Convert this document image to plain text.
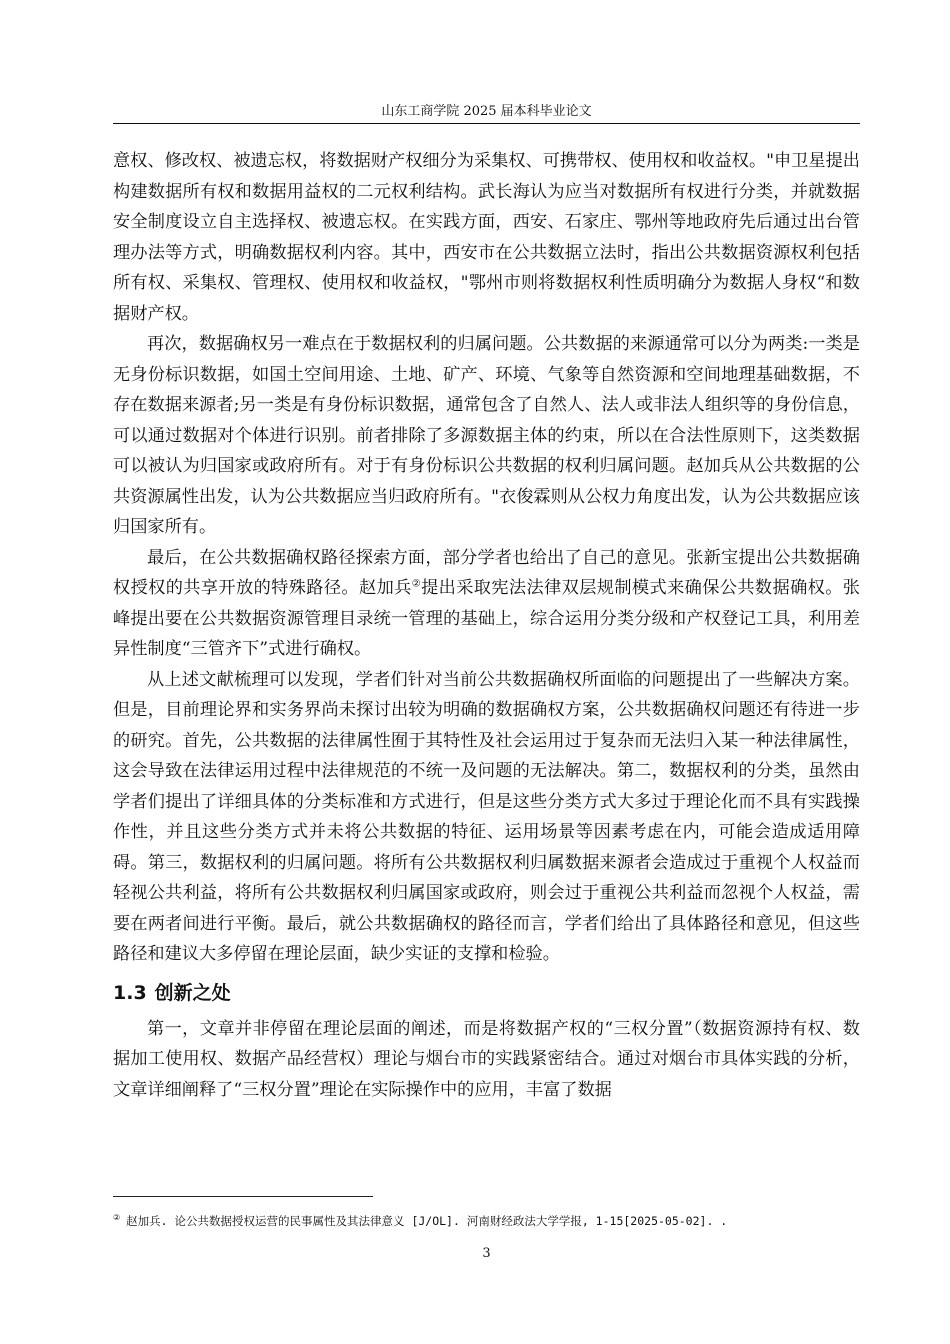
山东工商学院 2025 届本科毕业论文

意权、修改权、被遗忘权，将数据财产权细分为采集权、可携带权、使用权和收益权。"申卫星提出构建数据所有权和数据用益权的二元权利结构。武长海认为应当对数据所有权进行分类，并就数据安全制度设立自主选择权、被遗忘权。在实践方面，西安、石家庄、鄂州等地政府先后通过出台管理办法等方式，明确数据权利内容。其中，西安市在公共数据立法时，指出公共数据资源权利包括所有权、采集权、管理权、使用权和收益权，"鄂州市则将数据权利性质明确分为数据人身权“和数据财产权。

再次，数据确权另一难点在于数据权利的归属问题。公共数据的来源通常可以分为两类:一类是无身份标识数据，如国土空间用途、土地、矿产、环境、气象等自然资源和空间地理基础数据，不存在数据来源者;另一类是有身份标识数据，通常包含了自然人、法人或非法人组织等的身份信息，可以通过数据对个体进行识别。前者排除了多源数据主体的约束，所以在合法性原则下，这类数据可以被认为归国家或政府所有。对于有身份标识公共数据的权利归属问题。赵加兵从公共数据的公共资源属性出发，认为公共数据应当归政府所有。"衣俊霖则从公权力角度出发，认为公共数据应该归国家所有。

最后，在公共数据确权路径探索方面，部分学者也给出了自己的意见。张新宝提出公共数据确权授权的共享开放的特殊路径。赵加兵②提出采取宪法法律双层规制模式来确保公共数据确权。张峰提出要在公共数据资源管理目录统一管理的基础上，综合运用分类分级和产权登记工具，利用差异性制度“三管齐下”式进行确权。

从上述文献梳理可以发现，学者们针对当前公共数据确权所面临的问题提出了一些解决方案。但是，目前理论界和实务界尚未探讨出较为明确的数据确权方案，公共数据确权问题还有待进一步的研究。首先，公共数据的法律属性囿于其特性及社会运用过于复杂而无法归入某一种法律属性，这会导致在法律运用过程中法律规范的不统一及问题的无法解决。第二，数据权利的分类，虽然由学者们提出了详细具体的分类标准和方式进行，但是这些分类方式大多过于理论化而不具有实践操作性，并且这些分类方式并未将公共数据的特征、运用场景等因素考虑在内，可能会造成适用障碍。第三，数据权利的归属问题。将所有公共数据权利归属数据来源者会造成过于重视个人权益而轻视公共利益，将所有公共数据权利归属国家或政府，则会过于重视公共利益而忽视个人权益，需要在两者间进行平衡。最后，就公共数据确权的路径而言，学者们给出了具体路径和意见，但这些路径和建议大多停留在理论层面，缺少实证的支撑和检验。

1.3 创新之处

第一，文章并非停留在理论层面的阐述，而是将数据产权的“三权分置”（数据资源持有权、数据加工使用权、数据产品经营权）理论与烟台市的实践紧密结合。通过对烟台市具体实践的分析，文章详细阐释了“三权分置”理论在实际操作中的应用，丰富了数据

② 赵加兵. 论公共数据授权运营的民事属性及其法律意义 [J/OL]. 河南财经政法大学学报, 1-15[2025-05-02]. .
3
